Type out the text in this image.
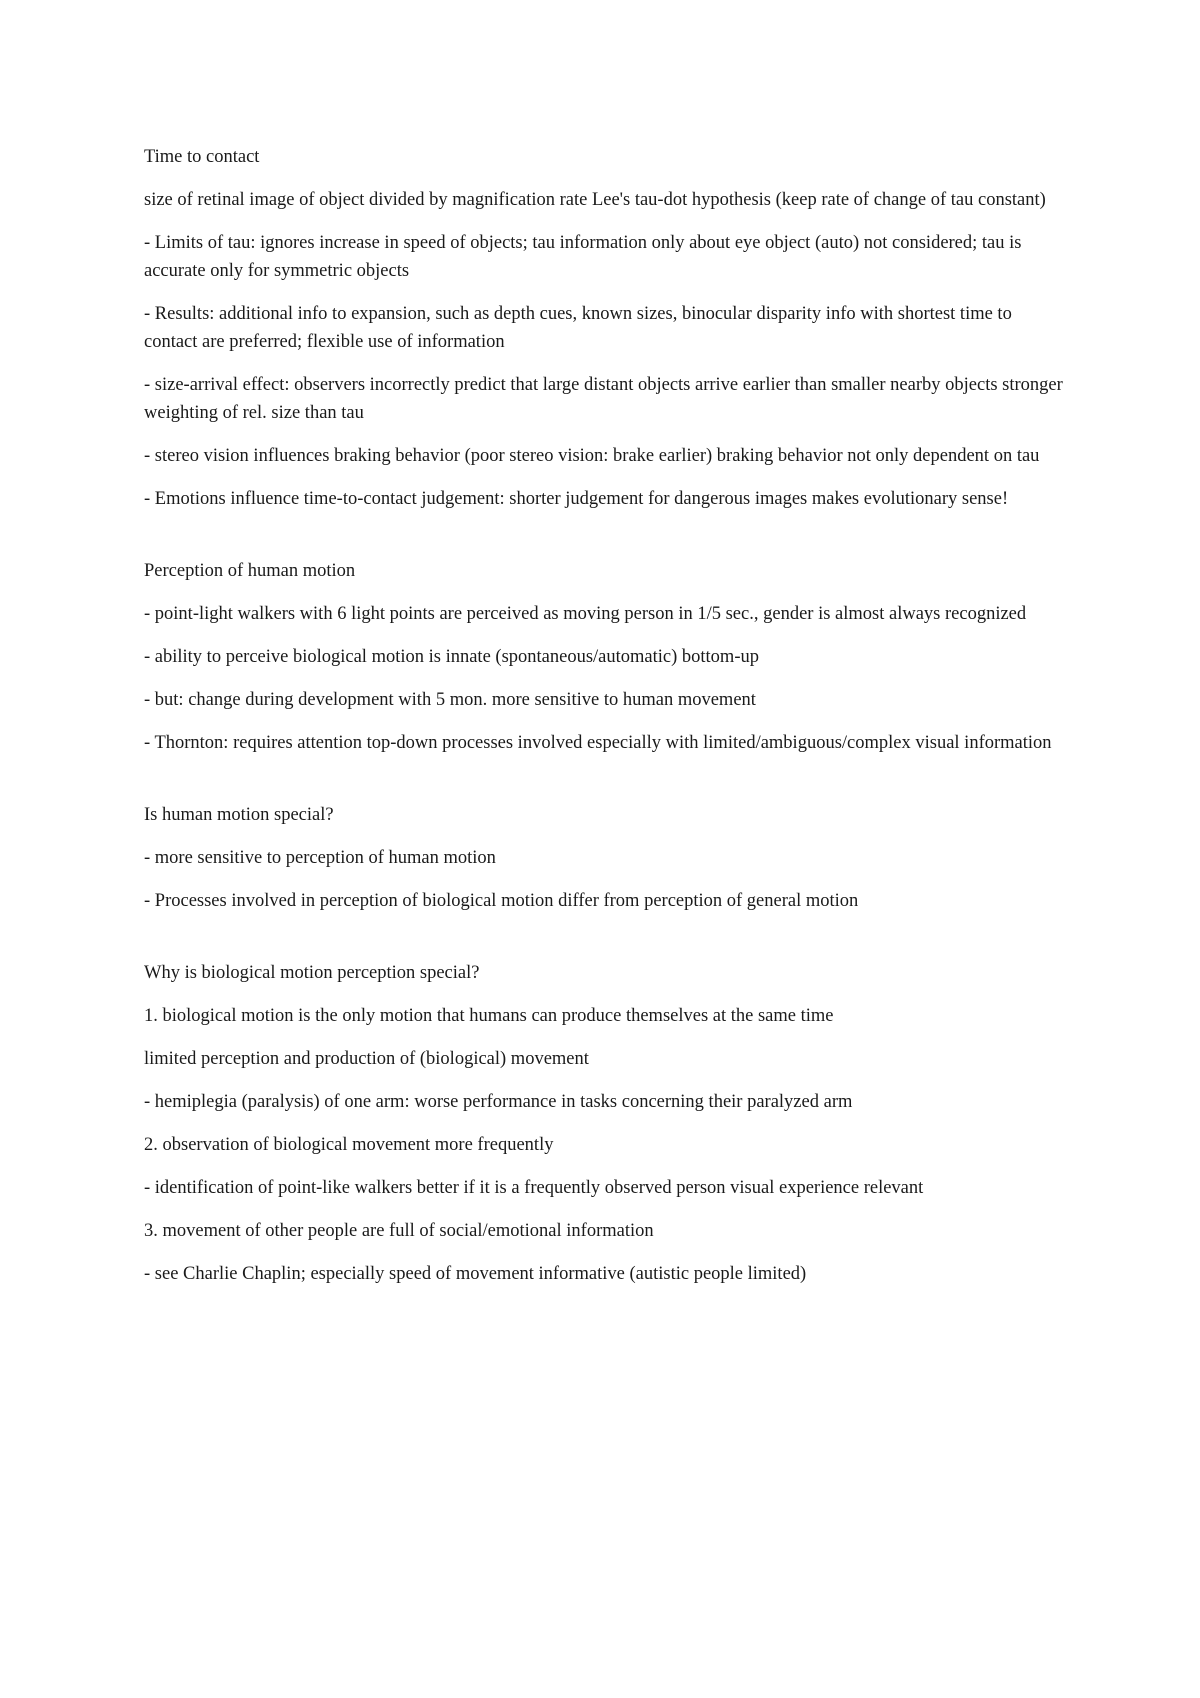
Time to contact

size of retinal image of object divided by magnification rate Lee's tau-dot hypothesis (keep rate of change of tau constant)

- Limits of tau: ignores increase in speed of objects; tau information only about eye object (auto) not considered; tau is accurate only for symmetric objects

- Results: additional info to expansion, such as depth cues, known sizes, binocular disparity info with shortest time to contact are preferred; flexible use of information

- size-arrival effect: observers incorrectly predict that large distant objects arrive earlier than smaller nearby objects stronger weighting of rel. size than tau

- stereo vision influences braking behavior (poor stereo vision: brake earlier) braking behavior not only dependent on tau

- Emotions influence time-to-contact judgement: shorter judgement for dangerous images makes evolutionary sense!

Perception of human motion

- point-light walkers with 6 light points are perceived as moving person in 1/5 sec., gender is almost always recognized

- ability to perceive biological motion is innate (spontaneous/automatic) bottom-up

- but: change during development with 5 mon. more sensitive to human movement

- Thornton: requires attention top-down processes involved especially with limited/ambiguous/complex visual information

Is human motion special?

- more sensitive to perception of human motion

- Processes involved in perception of biological motion differ from perception of general motion

Why is biological motion perception special?

1. biological motion is the only motion that humans can produce themselves at the same time

limited perception and production of (biological) movement

- hemiplegia (paralysis) of one arm: worse performance in tasks concerning their paralyzed arm

2. observation of biological movement more frequently

- identification of point-like walkers better if it is a frequently observed person visual experience relevant

3. movement of other people are full of social/emotional information

- see Charlie Chaplin; especially speed of movement informative (autistic people limited)
